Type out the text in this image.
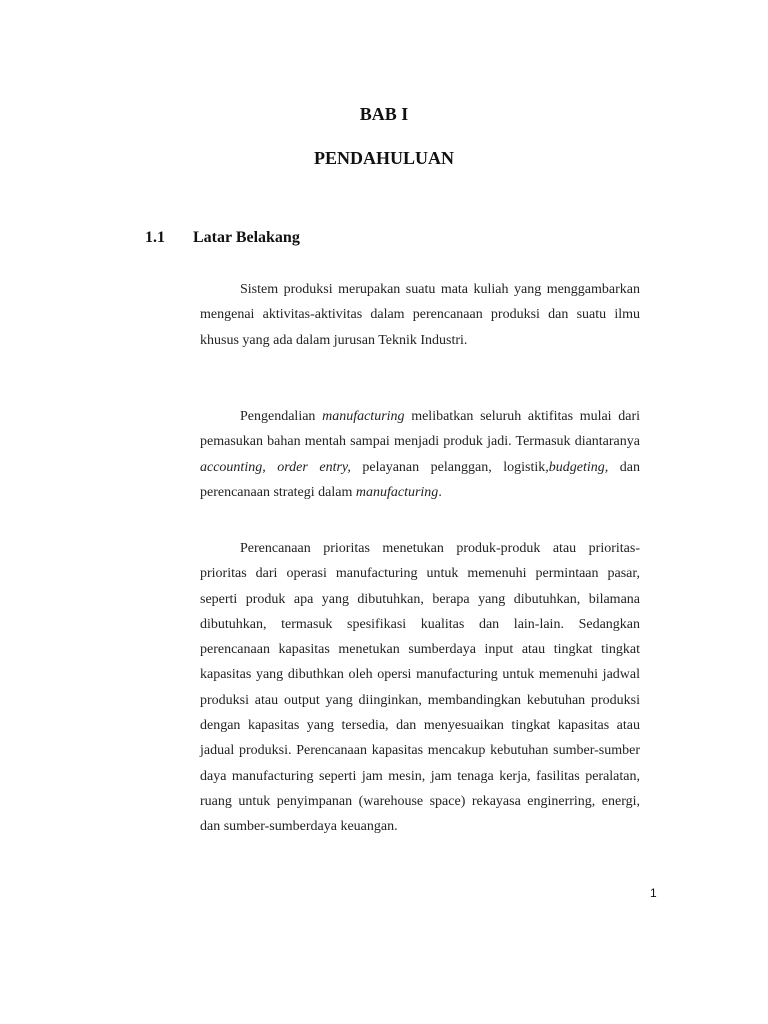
BAB I
PENDAHULUAN
1.1 Latar Belakang

Sistem produksi merupakan suatu mata kuliah yang menggambarkan mengenai aktivitas-aktivitas dalam perencanaan produksi dan suatu ilmu khusus yang ada dalam jurusan Teknik Industri.

Pengendalian manufacturing melibatkan seluruh aktifitas mulai dari pemasukan bahan mentah sampai menjadi produk jadi. Termasuk diantaranya accounting, order entry, pelayanan pelanggan, logistik,budgeting, dan perencanaan strategi dalam manufacturing.

Perencanaan prioritas menetukan produk-produk atau prioritas-prioritas dari operasi manufacturing untuk memenuhi permintaan pasar, seperti produk apa yang dibutuhkan, berapa yang dibutuhkan, bilamana dibutuhkan, termasuk spesifikasi kualitas dan lain-lain. Sedangkan perencanaan kapasitas menetukan sumberdaya input atau tingkat tingkat kapasitas yang dibuthkan oleh opersi manufacturing untuk memenuhi jadwal produksi atau output yang diinginkan, membandingkan kebutuhan produksi dengan kapasitas yang tersedia, dan menyesuaikan tingkat kapasitas atau jadual produksi. Perencanaan kapasitas mencakup kebutuhan sumber-sumber daya manufacturing seperti jam mesin, jam tenaga kerja, fasilitas peralatan, ruang untuk penyimpanan (warehouse space) rekayasa enginerring, energi, dan sumber-sumberdaya keuangan.

1
